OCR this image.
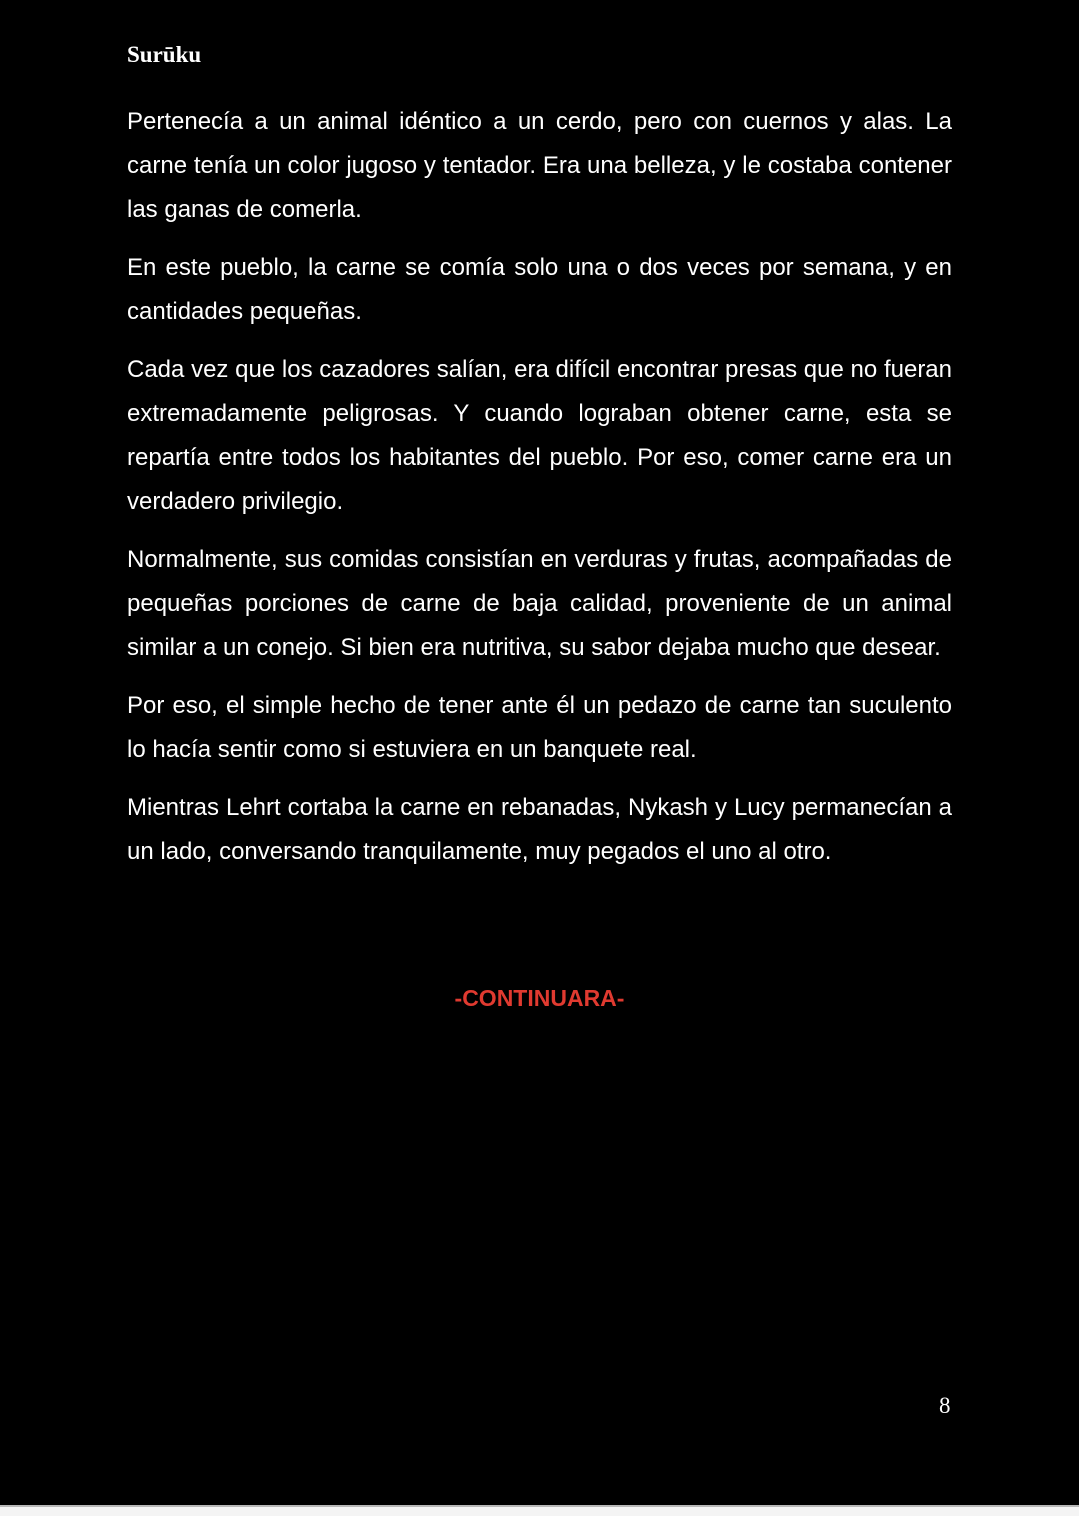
Surūku

Pertenecía a un animal idéntico a un cerdo, pero con cuernos y alas. La carne tenía un color jugoso y tentador. Era una belleza, y le costaba contener las ganas de comerla.

En este pueblo, la carne se comía solo una o dos veces por semana, y en cantidades pequeñas.

Cada vez que los cazadores salían, era difícil encontrar presas que no fueran extremadamente peligrosas. Y cuando lograban obtener carne, esta se repartía entre todos los habitantes del pueblo. Por eso, comer carne era un verdadero privilegio.

Normalmente, sus comidas consistían en verduras y frutas, acompañadas de pequeñas porciones de carne de baja calidad, proveniente de un animal similar a un conejo. Si bien era nutritiva, su sabor dejaba mucho que desear.

Por eso, el simple hecho de tener ante él un pedazo de carne tan suculento lo hacía sentir como si estuviera en un banquete real.

Mientras Lehrt cortaba la carne en rebanadas, Nykash y Lucy permanecían a un lado, conversando tranquilamente, muy pegados el uno al otro.

-CONTINUARA-
8
